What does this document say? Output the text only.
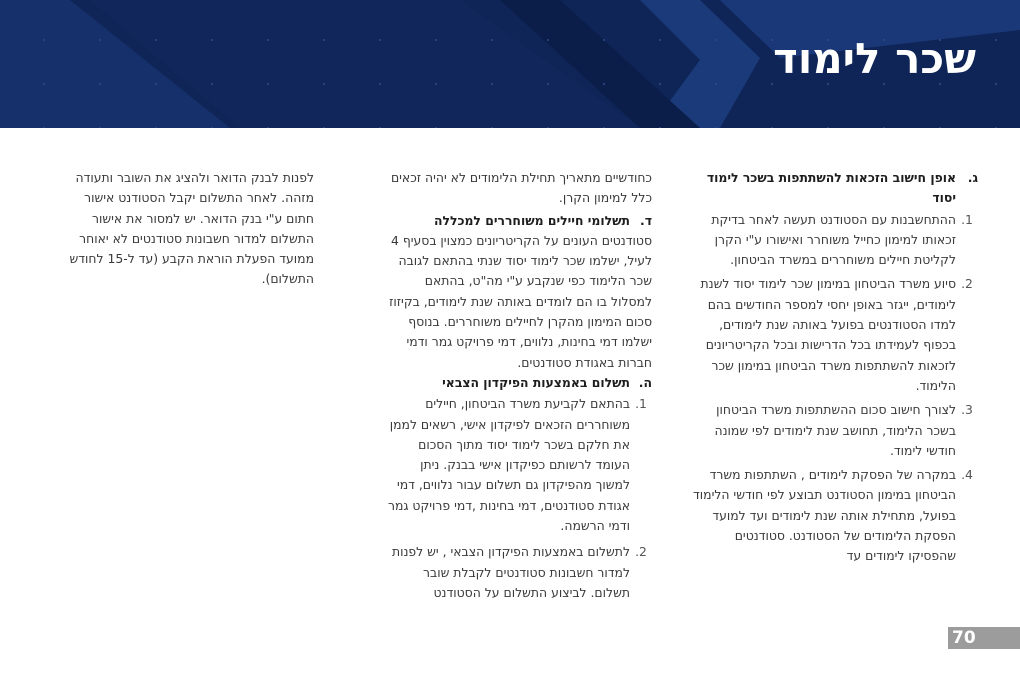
שכר לימוד
ג.
אופן חישוב הזכאות להשתתפות בשכר לימוד יסוד
1.
ההתחשבנות עם הסטודנט תעשה לאחר בדיקת זכאותו למימון כחייל משוחרר ואישורו ע"י הקרן לקליטת חיילים משוחררים במשרד הביטחון.
2.
סיוע משרד הביטחון במימון שכר לימוד יסוד לשנת לימודים, ייגזר באופן יחסי למספר החודשים בהם למדו הסטודנטים בפועל באותה שנת לימודים, בכפוף לעמידתו בכל הדרישות ובכל הקריטריונים לזכאות להשתתפות משרד הביטחון במימון שכר הלימוד.
3.
לצורך חישוב סכום ההשתתפות משרד הביטחון בשכר הלימוד, תחושב שנת לימודים לפי שמונה חודשי לימוד.
4.
במקרה של הפסקת לימודים , השתתפות משרד הביטחון במימון הסטודנט תבוצע לפי חודשי הלימוד בפועל, מתחילת אותה שנת לימודים ועד למועד הפסקת הלימודים של הסטודנט. סטודנטים שהפסיקו לימודים עד
כחודשיים מתאריך תחילת הלימודים לא יהיה זכאים כלל למימון הקרן.
ד.
תשלומי חיילים משוחררים למכללה
סטודנטים העונים על הקריטריונים כמצוין בסעיף 4 לעיל, ישלמו שכר לימוד יסוד שנתי בהתאם לגובה שכר הלימוד כפי שנקבע ע"י מה"ט, בהתאם למסלול בו הם לומדים באותה שנת לימודים, בקיזוז סכום המימון מהקרן לחיילים משוחררים. בנוסף ישלמו דמי בחינות, נלווים, דמי פרויקט גמר ודמי חברות באגודת סטודנטים.
ה.
תשלום באמצעות הפיקדון הצבאי
1.
בהתאם לקביעת משרד הביטחון, חיילים משוחררים הזכאים לפיקדון אישי, רשאים לממן את חלקם בשכר לימוד יסוד מתוך הסכום העומד לרשותם כפיקדון אישי בבנק. ניתן למשוך מהפיקדון גם תשלום עבור נלווים, דמי אגודת סטודנטים, דמי בחינות ,דמי פרויקט גמר ודמי הרשמה.
2.
לתשלום באמצעות הפיקדון הצבאי , יש לפנות למדור חשבונות סטודנטים לקבלת שובר תשלום. לביצוע התשלום על הסטודנט
לפנות לבנק הדואר ולהציג את השובר ותעודה מזהה. לאחר התשלום יקבל הסטודנט אישור חתום ע"י בנק הדואר. יש למסור את אישור התשלום למדור חשבונות סטודנטים לא יאוחר ממועד הפעלת הוראת הקבע (עד ל-15 לחודש התשלום).
70
